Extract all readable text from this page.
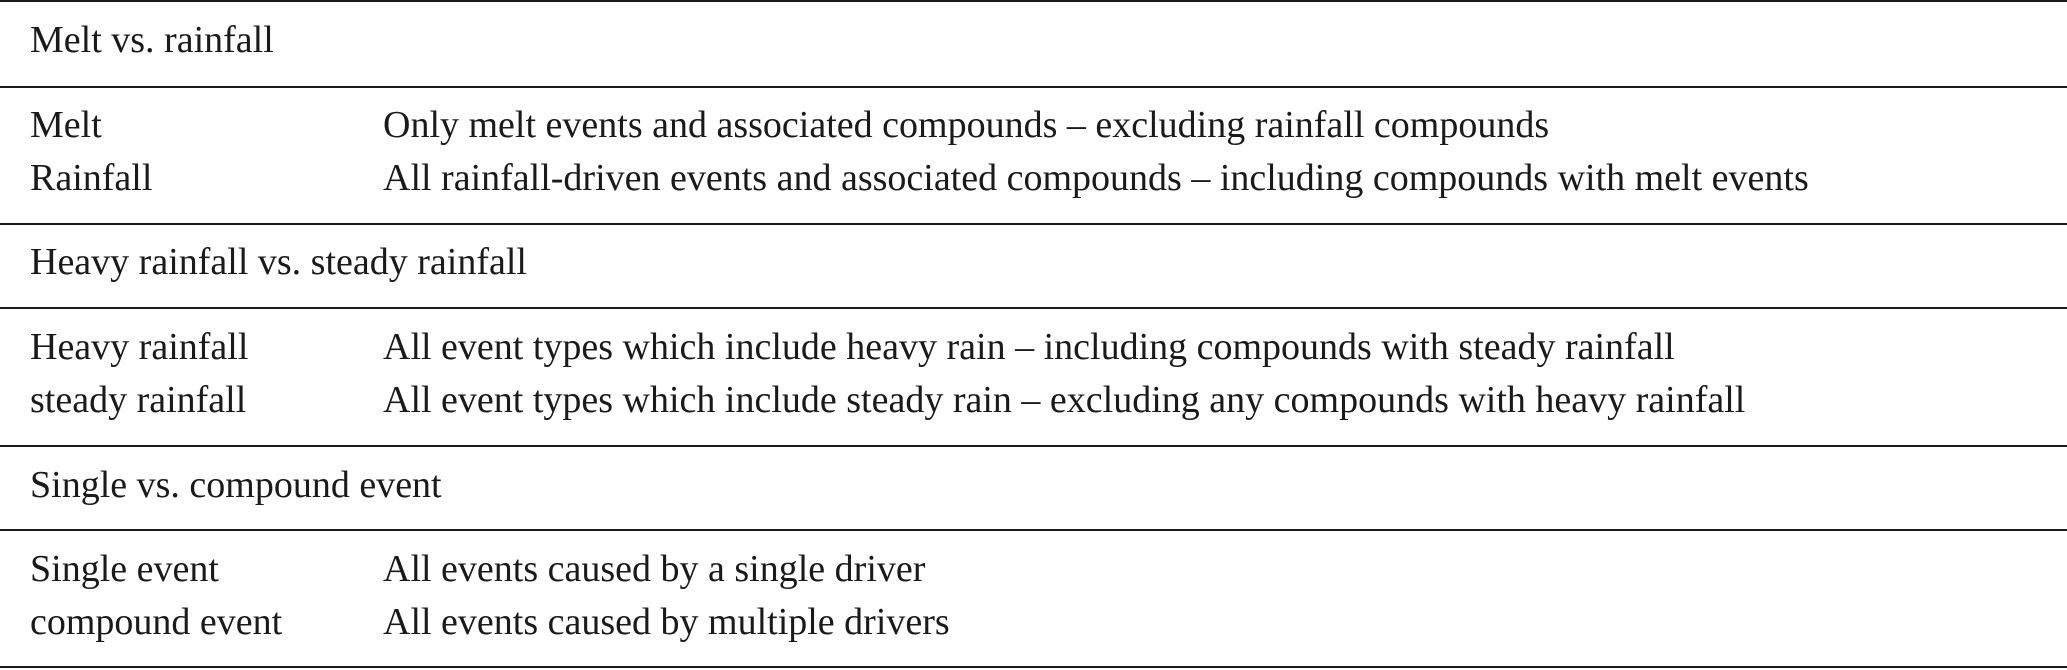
Melt vs. rainfall
Melt	Only melt events and associated compounds – excluding rainfall compounds
Rainfall	All rainfall-driven events and associated compounds – including compounds with melt events
Heavy rainfall vs. steady rainfall
Heavy rainfall	All event types which include heavy rain – including compounds with steady rainfall
steady rainfall	All event types which include steady rain – excluding any compounds with heavy rainfall
Single vs. compound event
Single event	All events caused by a single driver
compound event	All events caused by multiple drivers
